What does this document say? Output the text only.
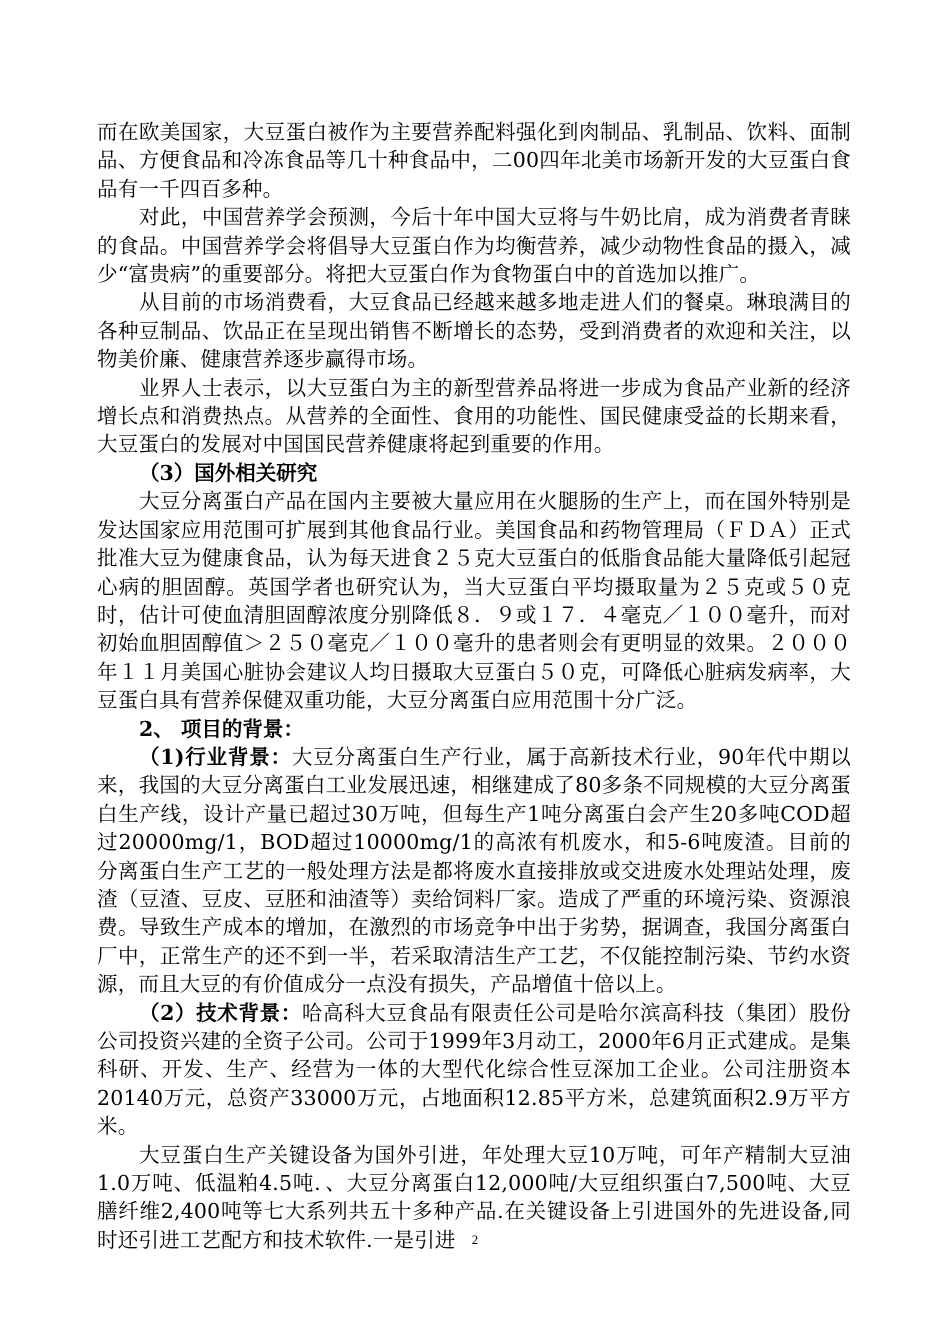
而在欧美国家，大豆蛋白被作为主要营养配料强化到肉制品、乳制品、饮料、面制品、方便食品和冷冻食品等几十种食品中，二00四年北美市场新开发的大豆蛋白食品有一千四百多种。

对此，中国营养学会预测，今后十年中国大豆将与牛奶比肩，成为消费者青睐的食品。中国营养学会将倡导大豆蛋白作为均衡营养，减少动物性食品的摄入，减少“富贵病”的重要部分。将把大豆蛋白作为食物蛋白中的首选加以推广。

从目前的市场消费看，大豆食品已经越来越多地走进人们的餐桌。琳琅满目的各种豆制品、饮品正在呈现出销售不断增长的态势，受到消费者的欢迎和关注，以物美价廉、健康营养逐步赢得市场。

业界人士表示，以大豆蛋白为主的新型营养品将进一步成为食品产业新的经济增长点和消费热点。从营养的全面性、食用的功能性、国民健康受益的长期来看，大豆蛋白的发展对中国国民营养健康将起到重要的作用。

（3）国外相关研究

大豆分离蛋白产品在国内主要被大量应用在火腿肠的生产上，而在国外特别是发达国家应用范围可扩展到其他食品行业。美国食品和药物管理局（ＦＤＡ）正式批准大豆为健康食品，认为每天进食２５克大豆蛋白的低脂食品能大量降低引起冠心病的胆固醇。英国学者也研究认为，当大豆蛋白平均摄取量为２５克或５０克时，估计可使血清胆固醇浓度分别降低８．９或１７．４毫克／１００毫升，而对初始血胆固醇值＞２５０毫克／１００毫升的患者则会有更明显的效果。２０００年１１月美国心脏协会建议人均日摄取大豆蛋白５０克，可降低心脏病发病率，大豆蛋白具有营养保健双重功能，大豆分离蛋白应用范围十分广泛。

2、 项目的背景：

（1)行业背景：大豆分离蛋白生产行业，属于高新技术行业，90年代中期以来，我国的大豆分离蛋白工业发展迅速，相继建成了80多条不同规模的大豆分离蛋白生产线，设计产量已超过30万吨，但每生产1吨分离蛋白会产生20多吨COD超过20000mg/1，BOD超过10000mg/1的高浓有机废水，和5-6吨废渣。目前的分离蛋白生产工艺的一般处理方法是都将废水直接排放或交进废水处理站处理，废渣（豆渣、豆皮、豆胚和油渣等）卖给饲料厂家。造成了严重的环境污染、资源浪费。导致生产成本的增加，在激烈的市场竞争中出于劣势，据调查，我国分离蛋白厂中，正常生产的还不到一半，若采取清洁生产工艺，不仅能控制污染、节约水资源，而且大豆的有价值成分一点没有损失，产品增值十倍以上。

（2）技术背景：哈高科大豆食品有限责任公司是哈尔滨高科技（集团）股份公司投资兴建的全资子公司。公司于1999年3月动工，2000年6月正式建成。是集科研、开发、生产、经营为一体的大型代化综合性豆深加工企业。公司注册资本20140万元，总资产33000万元，占地面积12.85平方米，总建筑面积2.9万平方米。

大豆蛋白生产关键设备为国外引进，年处理大豆10万吨，可年产精制大豆油1.0万吨、低温粕4.5吨．、大豆分离蛋白12,000吨/大豆组织蛋白7,500吨、大豆膳纤维2,400吨等七大系列共五十多种产品.在关键设备上引进国外的先进设备,同时还引进工艺配方和技术软件.一是引进	2
